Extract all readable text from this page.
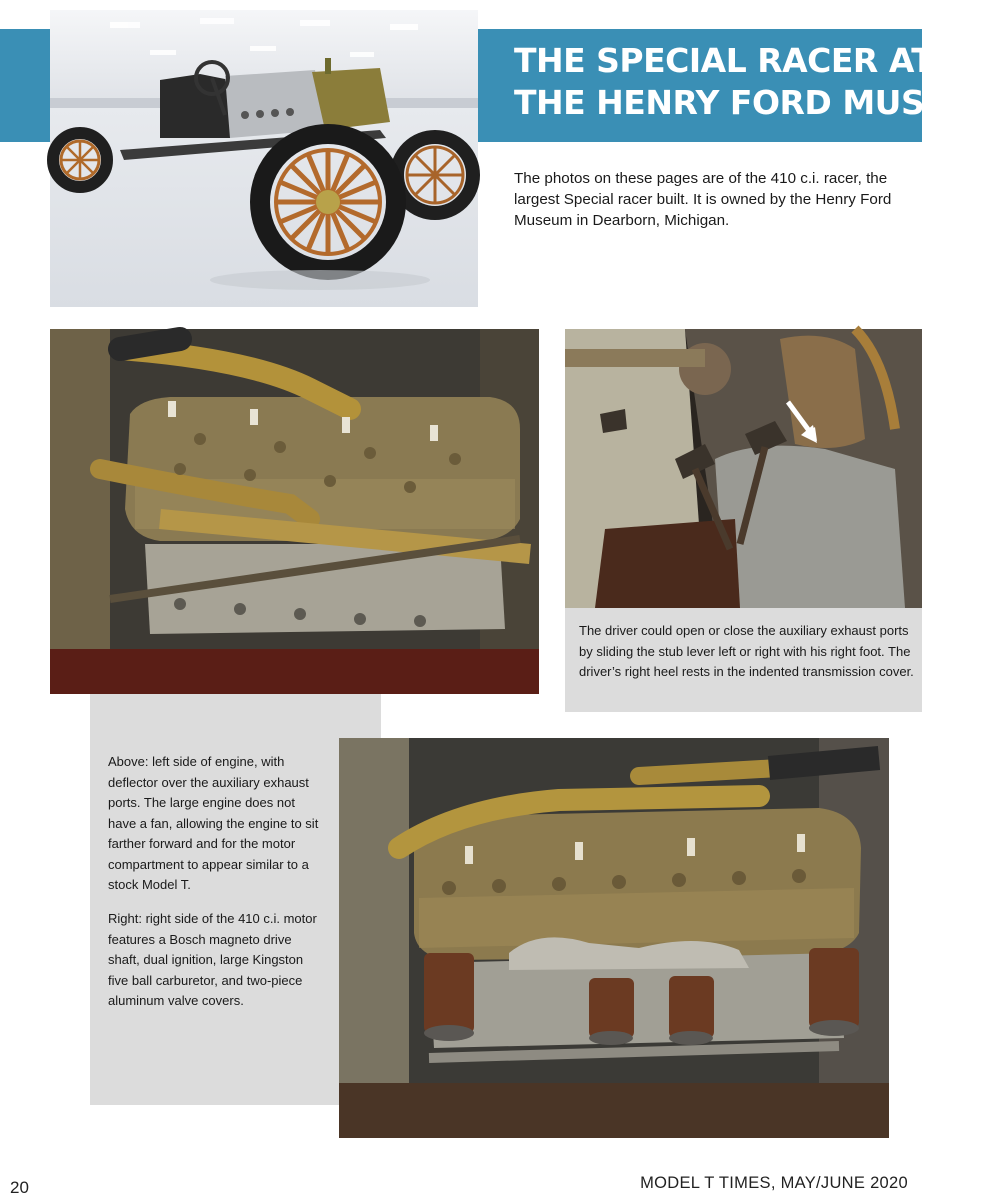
THE SPECIAL RACER AT
THE HENRY FORD MUSEUM

The photos on these pages are of the 410 c.i. racer, the largest Special racer built. It is owned by the Henry Ford Museum in Dearborn, Michigan.

The driver could open or close the auxiliary exhaust ports by sliding the stub lever left or right with his right foot. The driver’s right heel rests in the indented transmission cover.

Above: left side of engine, with deflector over the auxiliary exhaust ports. The large engine does not have a fan, allowing the engine to sit farther forward and for the motor compartment to appear similar to a stock Model T.

Right: right side of the 410 c.i. motor features a Bosch magneto drive shaft, dual ignition, large Kingston five ball carburetor, and two-piece aluminum valve covers.

20	MODEL T TIMES, MAY/JUNE 2020
